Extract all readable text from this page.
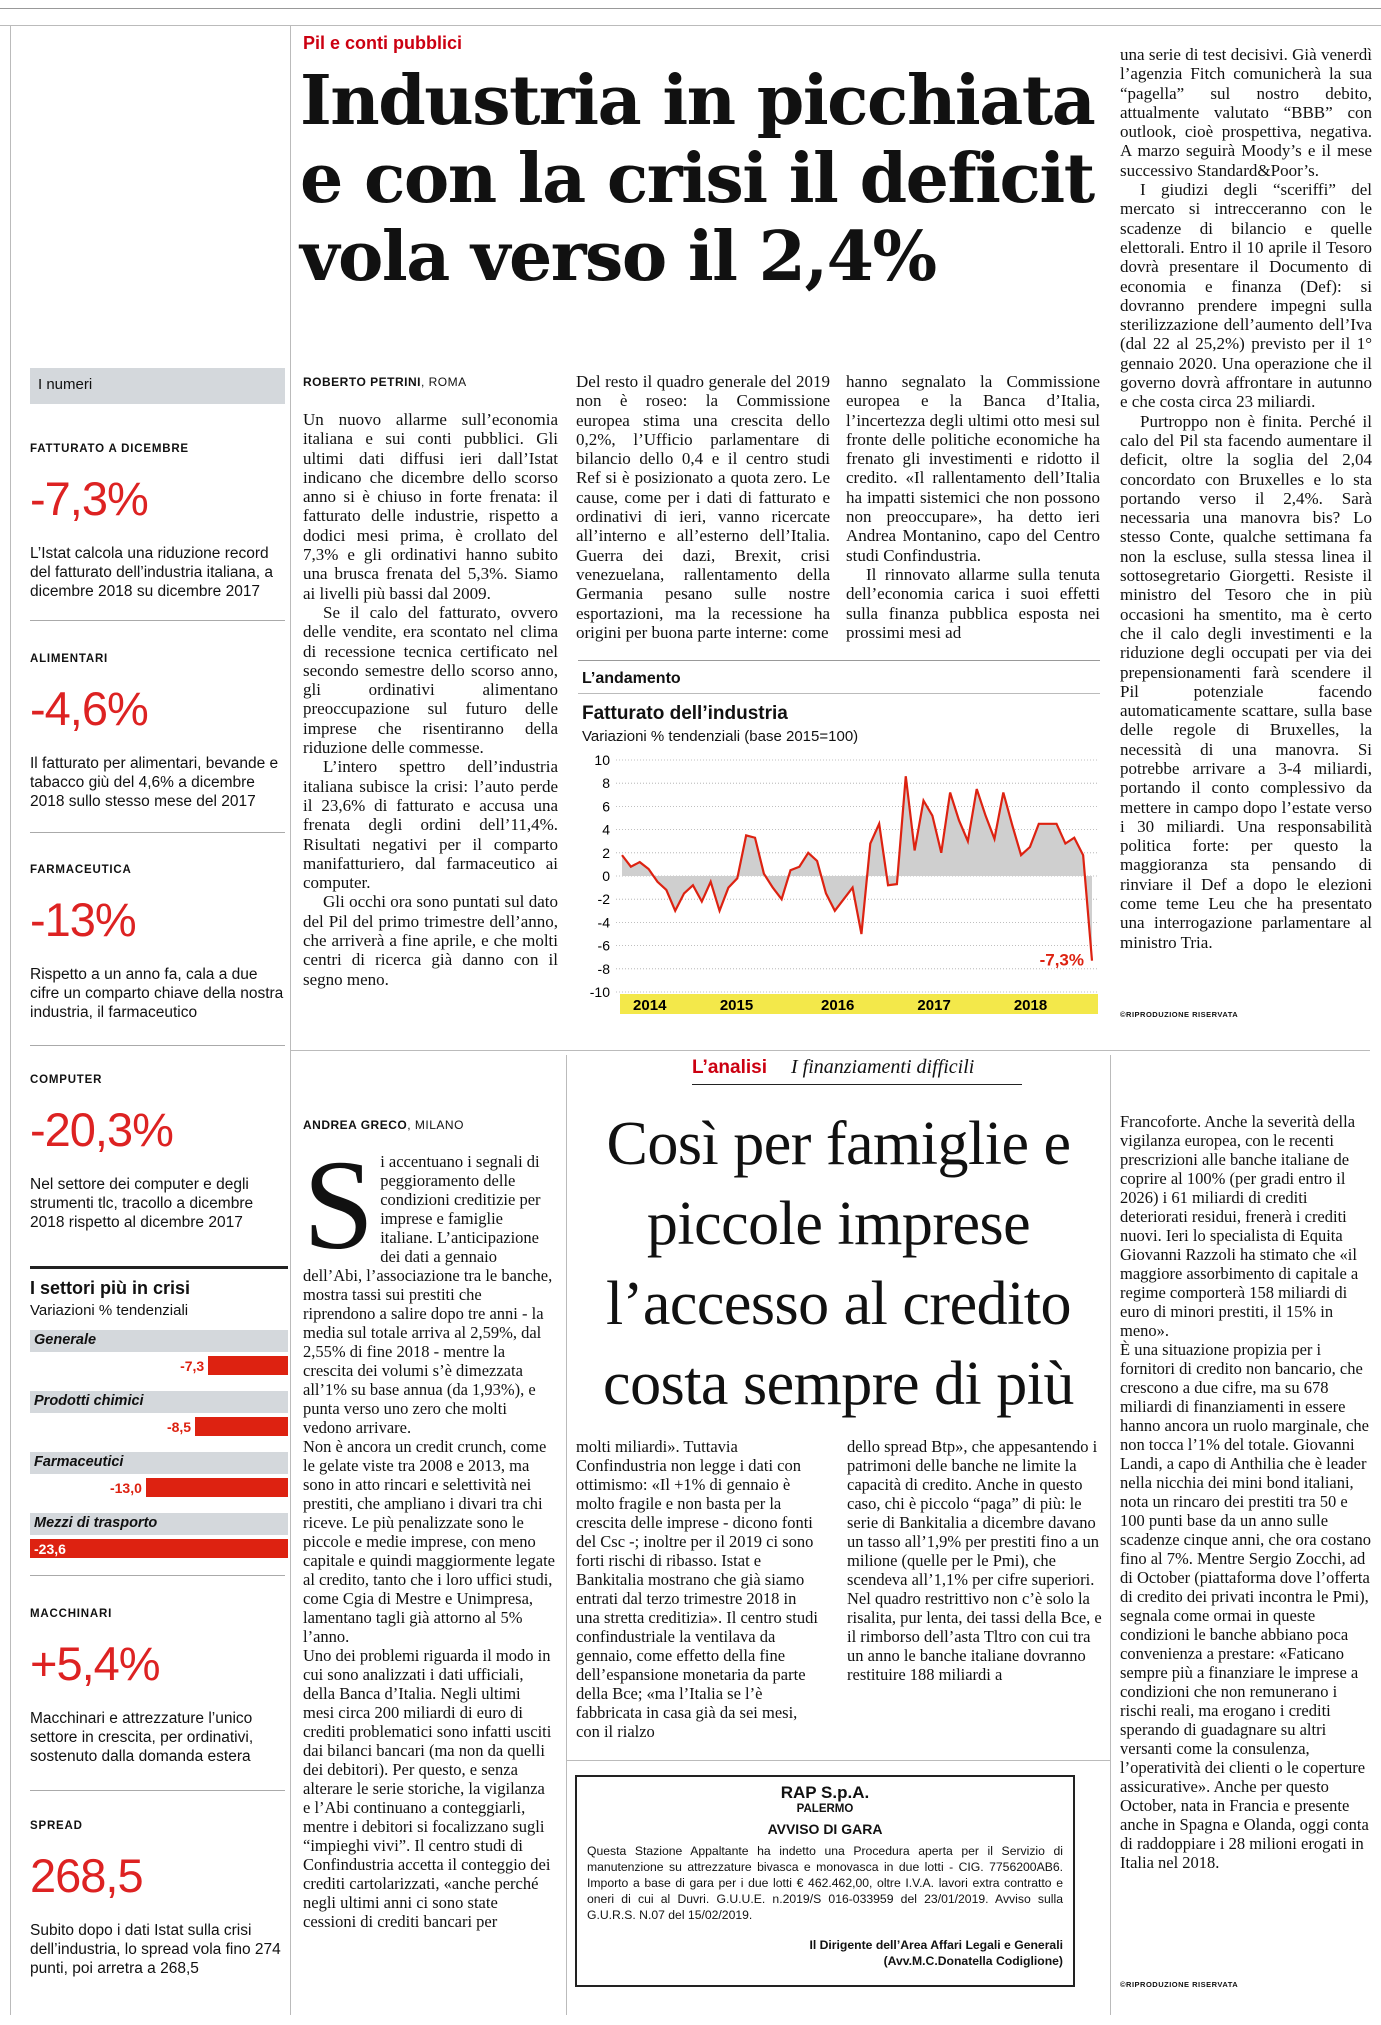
I numeri
FATTURATO A DICEMBRE
-7,3%
L’Istat calcola una riduzione record del fatturato dell’industria italiana, a dicembre 2018 su dicembre 2017
ALIMENTARI
-4,6%
Il fatturato per alimentari, bevande e tabacco giù del 4,6% a dicembre 2018 sullo stesso mese del 2017
FARMACEUTICA
-13%
Rispetto a un anno fa, cala a due cifre un comparto chiave della nostra industria, il farmaceutico
COMPUTER
-20,3%
Nel settore dei computer e degli strumenti tlc, tracollo a dicembre 2018 rispetto al dicembre 2017
I settori più in crisi
Variazioni % tendenziali
Generale
-7,3
Prodotti chimici
-8,5
Farmaceutici
-13,0
Mezzi di trasporto
-23,6
MACCHINARI
+5,4%
Macchinari e attrezzature l’unico settore in crescita, per ordinativi, sostenuto dalla domanda estera
SPREAD
268,5
Subito dopo i dati Istat sulla crisi dell’industria, lo spread vola fino 274 punti, poi arretra a 268,5
Pil e conti pubblici
Industria in picchiata e con la crisi il deficit vola verso il 2,4%
ROBERTO PETRINI, ROMA

Un nuovo allarme sull’economia italiana e sui conti pubblici. Gli ultimi dati diffusi ieri dall’Istat indicano che dicembre dello scorso anno si è chiuso in forte frenata: il fatturato delle industrie, rispetto a dodici mesi prima, è crollato del 7,3% e gli ordinativi hanno subito una brusca frenata del 5,3%. Siamo ai livelli più bassi dal 2009.

Se il calo del fatturato, ovvero delle vendite, era scontato nel clima di recessione tecnica certificato nel secondo semestre dello scorso anno, gli ordinativi alimentano preoccupazione sul futuro delle imprese che risentiranno della riduzione delle commesse.

L’intero spettro dell’industria italiana subisce la crisi: l’auto perde il 23,6% di fatturato e accusa una frenata degli ordini dell’11,4%. Risultati negativi per il comparto manifatturiero, dal farmaceutico ai computer.

Gli occhi ora sono puntati sul dato del Pil del primo trimestre dell’anno, che arriverà a fine aprile, e che molti centri di ricerca già danno con il segno meno.

Del resto il quadro generale del 2019 non è roseo: la Commissione europea stima una crescita dello 0,2%, l’Ufficio parlamentare di bilancio dello 0,4 e il centro studi Ref si è posizionato a quota zero. Le cause, come per i dati di fatturato e ordinativi di ieri, vanno ricercate all’interno e all’esterno dell’Italia. Guerra dei dazi, Brexit, crisi venezuelana, rallentamento della Germania pesano sulle nostre esportazioni, ma la recessione ha origini per buona parte interne: come

hanno segnalato la Commissione europea e la Banca d’Italia, l’incertezza degli ultimi otto mesi sul fronte delle politiche economiche ha frenato gli investimenti e ridotto il credito. «Il rallentamento dell’Italia ha impatti sistemici che non possono non preoccupare», ha detto ieri Andrea Montanino, capo del Centro studi Confindustria.

Il rinnovato allarme sulla tenuta dell’economia carica i suoi effetti sulla finanza pubblica esposta nei prossimi mesi ad

una serie di test decisivi. Già venerdì l’agenzia Fitch comunicherà la sua “pagella” sul nostro debito, attualmente valutato “BBB” con outlook, cioè prospettiva, negativa. A marzo seguirà Moody’s e il mese successivo Standard&Poor’s.

I giudizi degli “sceriffi” del mercato si intrecceranno con le scadenze di bilancio e quelle elettorali. Entro il 10 aprile il Tesoro dovrà presentare il Documento di economia e finanza (Def): si dovranno prendere impegni sulla sterilizzazione dell’aumento dell’Iva (dal 22 al 25,2%) previsto per il 1° gennaio 2020. Una operazione che il governo dovrà affrontare in autunno e che costa circa 23 miliardi.

Purtroppo non è finita. Perché il calo del Pil sta facendo aumentare il deficit, oltre la soglia del 2,04 concordato con Bruxelles e lo sta portando verso il 2,4%. Sarà necessaria una manovra bis? Lo stesso Conte, qualche settimana fa non la escluse, sulla stessa linea il sottosegretario Giorgetti. Resiste il ministro del Tesoro che in più occasioni ha smentito, ma è certo che il calo degli investimenti e la riduzione degli occupati per via dei prepensionamenti farà scendere il Pil potenziale facendo automaticamente scattare, sulla base delle regole di Bruxelles, la necessità di una manovra. Si potrebbe arrivare a 3-4 miliardi, portando il conto complessivo da mettere in campo dopo l’estate verso i 30 miliardi. Una responsabilità politica forte: per questo la maggioranza sta pensando di rinviare il Def a dopo le elezioni come teme Leu che ha presentato una interrogazione parlamentare al ministro Tria.

©RIPRODUZIONE RISERVATA
L’andamento
Fatturato dell’industria
Variazioni % tendenziali (base 2015=100)
10
8
6
4
2
0
-2
-4
-6
-8
-10
2014	2015	2016	2017	2018
-7,3%
L’analisi I finanziamenti difficili
Così per famiglie e piccole imprese l’accesso al credito costa sempre di più
ANDREA GRECO, MILANO

Si accentuano i segnali di peggioramento delle condizioni creditizie per imprese e famiglie italiane. L’anticipazione dei dati a gennaio dell’Abi, l’associazione tra le banche, mostra tassi sui prestiti che riprendono a salire dopo tre anni - la media sul totale arriva al 2,59%, dal 2,55% di fine 2018 - mentre la crescita dei volumi s’è dimezzata all’1% su base annua (da 1,93%), e punta verso uno zero che molti vedono arrivare.

Non è ancora un credit crunch, come le gelate viste tra 2008 e 2013, ma sono in atto rincari e selettività nei prestiti, che ampliano i divari tra chi riceve. Le più penalizzate sono le piccole e medie imprese, con meno capitale e quindi maggiormente legate al credito, tanto che i loro uffici studi, come Cgia di Mestre e Unimpresa, lamentano tagli già attorno al 5% l’anno.

Uno dei problemi riguarda il modo in cui sono analizzati i dati ufficiali, della Banca d’Italia. Negli ultimi mesi circa 200 miliardi di euro di crediti problematici sono infatti usciti dai bilanci bancari (ma non da quelli dei debitori). Per questo, e senza alterare le serie storiche, la vigilanza e l’Abi continuano a conteggiarli, mentre i debitori si focalizzano sugli “impieghi vivi”. Il centro studi di Confindustria accetta il conteggio dei crediti cartolarizzati, «anche perché negli ultimi anni ci sono state cessioni di crediti bancari per

molti miliardi». Tuttavia Confindustria non legge i dati con ottimismo: «Il +1% di gennaio è molto fragile e non basta per la crescita delle imprese - dicono fonti del Csc -; inoltre per il 2019 ci sono forti rischi di ribasso. Istat e Bankitalia mostrano che già siamo entrati dal terzo trimestre 2018 in una stretta creditizia». Il centro studi confindustriale la ventilava da gennaio, come effetto della fine dell’espansione monetaria da parte della Bce; «ma l’Italia se l’è fabbricata in casa già da sei mesi, con il rialzo

dello spread Btp», che appesantendo i patrimoni delle banche ne limite la capacità di credito. Anche in questo caso, chi è piccolo “paga” di più: le serie di Bankitalia a dicembre davano un tasso all’1,9% per prestiti fino a un milione (quelle per le Pmi), che scendeva all’1,1% per cifre superiori.

Nel quadro restrittivo non c’è solo la risalita, pur lenta, dei tassi della Bce, e il rimborso dell’asta Tltro con cui tra un anno le banche italiane dovranno restituire 188 miliardi a

Francoforte. Anche la severità della vigilanza europea, con le recenti prescrizioni alle banche italiane de coprire al 100% (per gradi entro il 2026) i 61 miliardi di crediti deteriorati residui, frenerà i crediti nuovi. Ieri lo specialista di Equita Giovanni Razzoli ha stimato che «il maggiore assorbimento di capitale a regime comporterà 158 miliardi di euro di minori prestiti, il 15% in meno».

È una situazione propizia per i fornitori di credito non bancario, che crescono a due cifre, ma su 678 miliardi di finanziamenti in essere hanno ancora un ruolo marginale, che non tocca l’1% del totale. Giovanni Landi, a capo di Anthilia che è leader nella nicchia dei mini bond italiani, nota un rincaro dei prestiti tra 50 e 100 punti base da un anno sulle scadenze cinque anni, che ora costano fino al 7%. Mentre Sergio Zocchi, ad di October (piattaforma dove l’offerta di credito dei privati incontra le Pmi), segnala come ormai in queste condizioni le banche abbiano poca convenienza a prestare: «Faticano sempre più a finanziare le imprese a condizioni che non remunerano i rischi reali, ma erogano i crediti sperando di guadagnare su altri versanti come la consulenza, l’operatività dei clienti o le coperture assicurative». Anche per questo October, nata in Francia e presente anche in Spagna e Olanda, oggi conta di raddoppiare i 28 milioni erogati in Italia nel 2018.

©RIPRODUZIONE RISERVATA
RAP S.p.A.
PALERMO
AVVISO DI GARA
Questa Stazione Appaltante ha indetto una Procedura aperta per il Servizio di manutenzione su attrezzature bivasca e monovasca in due lotti - CIG. 7756200AB6. Importo a base di gara per i due lotti € 462.462,00, oltre I.V.A. lavori extra contratto e oneri di cui al Duvri. G.U.U.E. n.2019/S 016-033959 del 23/01/2019. Avviso sulla G.U.R.S. N.07 del 15/02/2019.
Il Dirigente dell’Area Affari Legali e Generali
(Avv.M.C.Donatella Codiglione)
